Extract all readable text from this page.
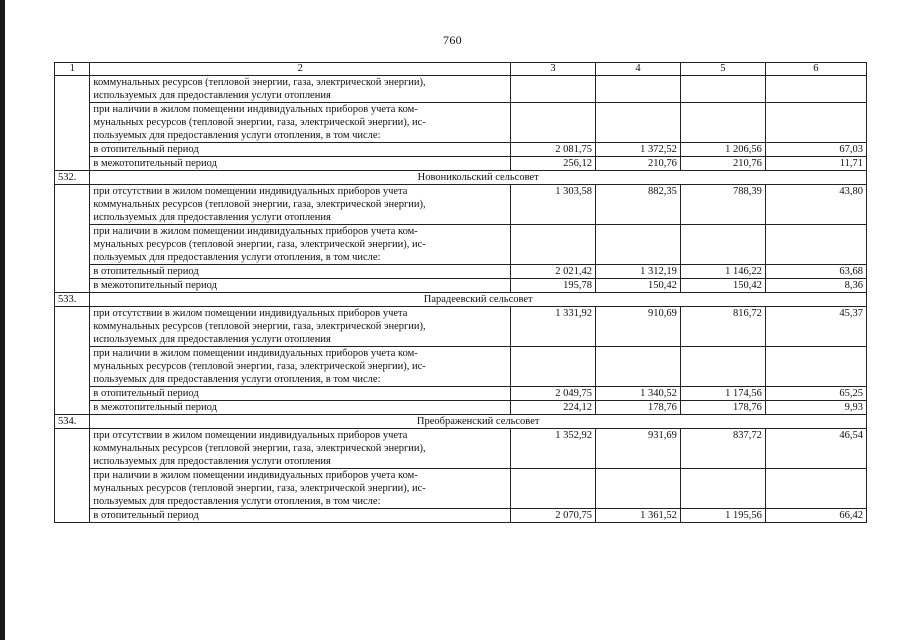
760
1	2	3	4	5	6

	коммунальных ресурсов (тепловой энергии, газа, электрической энергии),
используемых для предоставления услуги отопления				

	при наличии в жилом помещении индивидуальных приборов учета ком-
мунальных ресурсов (тепловой энергии, газа, электрической энергии), ис-
пользуемых для предоставления услуги отопления, в том числе:				

	в отопительный период	2 081,75	1 372,52	1 206,56	67,03
	в межотопительный период	256,12	210,76	210,76	11,71
532.	Новоникольский сельсовет				

	при отсутствии в жилом помещении индивидуальных приборов учета
коммунальных ресурсов (тепловой энергии, газа, электрической энергии),
используемых для предоставления услуги отопления	1 303,58	882,35	788,39	43,80

	при наличии в жилом помещении индивидуальных приборов учета ком-
мунальных ресурсов (тепловой энергии, газа, электрической энергии), ис-
пользуемых для предоставления услуги отопления, в том числе:				

	в отопительный период	2 021,42	1 312,19	1 146,22	63,68
	в межотопительный период	195,78	150,42	150,42	8,36
533.	Парадеевский сельсовет				

	при отсутствии в жилом помещении индивидуальных приборов учета
коммунальных ресурсов (тепловой энергии, газа, электрической энергии),
используемых для предоставления услуги отопления	1 331,92	910,69	816,72	45,37

	при наличии в жилом помещении индивидуальных приборов учета ком-
мунальных ресурсов (тепловой энергии, газа, электрической энергии), ис-
пользуемых для предоставления услуги отопления, в том числе:				

	в отопительный период	2 049,75	1 340,52	1 174,56	65,25
	в межотопительный период	224,12	178,76	178,76	9,93
534.	Преображенский сельсовет				

	при отсутствии в жилом помещении индивидуальных приборов учета
коммунальных ресурсов (тепловой энергии, газа, электрической энергии),
используемых для предоставления услуги отопления	1 352,92	931,69	837,72	46,54

	при наличии в жилом помещении индивидуальных приборов учета ком-
мунальных ресурсов (тепловой энергии, газа, электрической энергии), ис-
пользуемых для предоставления услуги отопления, в том числе:				

	в отопительный период	2 070,75	1 361,52	1 195,56	66,42
